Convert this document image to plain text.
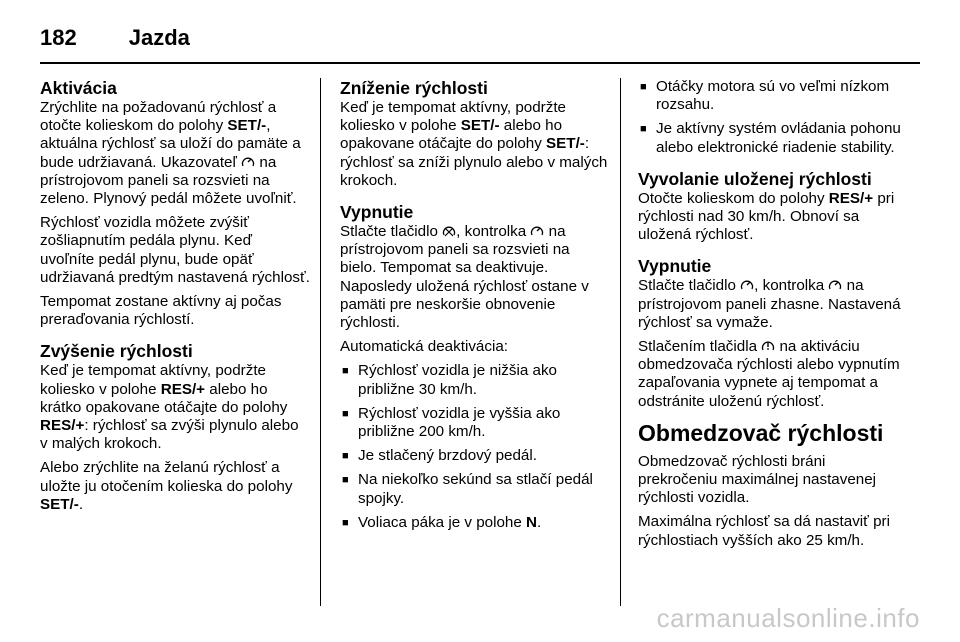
182 Jazda
Aktivácia

Zrýchlite na požadovanú rýchlosť a otočte kolieskom do polohy SET/-, aktuálna rýchlosť sa uloží do pamäte a bude udržiavaná. Ukazovateľ  na prístrojovom paneli sa rozsvieti na zeleno. Plynový pedál môžete uvoľniť.

Rýchlosť vozidla môžete zvýšiť zošliapnutím pedála plynu. Keď uvoľníte pedál plynu, bude opäť udržiavaná predtým nastavená rýchlosť.

Tempomat zostane aktívny aj počas preraďovania rýchlostí.

Zvýšenie rýchlosti

Keď je tempomat aktívny, podržte koliesko v polohe RES/+ alebo ho krátko opakovane otáčajte do polohy RES/+: rýchlosť sa zvýši plynulo alebo v malých krokoch.

Alebo zrýchlite na želanú rýchlosť a uložte ju otočením kolieska do polohy SET/-.

Zníženie rýchlosti

Keď je tempomat aktívny, podržte koliesko v polohe SET/- alebo ho opakovane otáčajte do polohy SET/-: rýchlosť sa zníži plynulo alebo v malých krokoch.

Vypnutie

Stlačte tlačidlo , kontrolka  na prístrojovom paneli sa rozsvieti na bielo. Tempomat sa deaktivuje. Naposledy uložená rýchlosť ostane v pamäti pre neskoršie obnovenie rýchlosti.

Automatická deaktivácia:

■ Rýchlosť vozidla je nižšia ako približne 30 km/h.
■ Rýchlosť vozidla je vyššia ako približne 200 km/h.
■ Je stlačený brzdový pedál.
■ Na niekoľko sekúnd sa stlačí pedál spojky.
■ Voliaca páka je v polohe N.
■ Otáčky motora sú vo veľmi nízkom rozsahu.
■ Je aktívny systém ovládania pohonu alebo elektronické riadenie stability.
Vyvolanie uloženej rýchlosti

Otočte kolieskom do polohy RES/+ pri rýchlosti nad 30 km/h. Obnoví sa uložená rýchlosť.

Vypnutie

Stlačte tlačidlo , kontrolka  na prístrojovom paneli zhasne. Nastavená rýchlosť sa vymaže.

Stlačením tlačidla  na aktiváciu obmedzovača rýchlosti alebo vypnutím zapaľovania vypnete aj tempomat a odstránite uloženú rýchlosť.

Obmedzovač rýchlosti

Obmedzovač rýchlosti bráni prekročeniu maximálnej nastavenej rýchlosti vozidla.

Maximálna rýchlosť sa dá nastaviť pri rýchlostiach vyšších ako 25 km/h.

carmanualsonline.info
